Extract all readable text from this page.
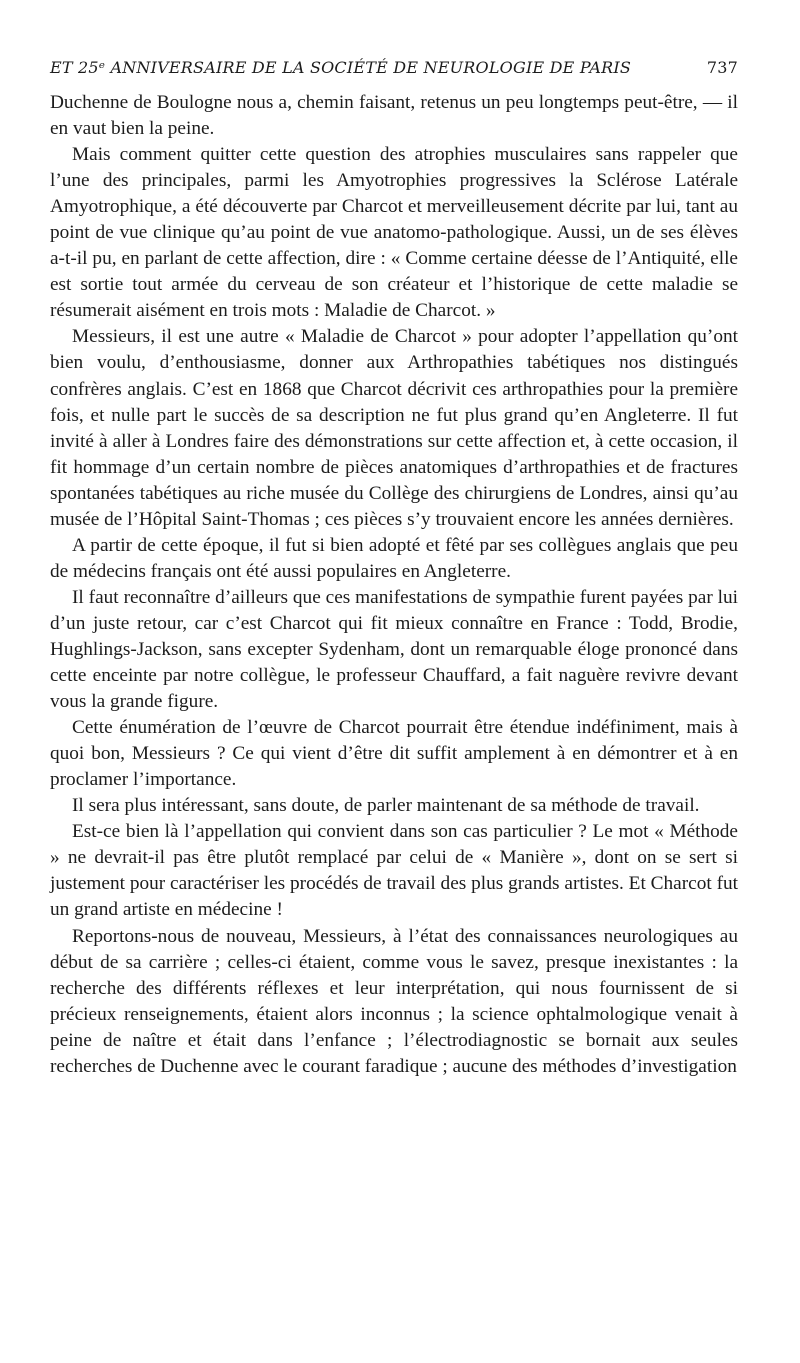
ET 25ᵉ ANNIVERSAIRE DE LA SOCIÉTÉ DE NEUROLOGIE DE PARIS	737

Duchenne de Boulogne nous a, chemin faisant, retenus un peu longtemps peut-être, — il en vaut bien la peine.

Mais comment quitter cette question des atrophies musculaires sans rappeler que l’une des principales, parmi les Amyotrophies progressives la Sclérose Latérale Amyotrophique, a été découverte par Charcot et merveilleusement décrite par lui, tant au point de vue clinique qu’au point de vue anatomo-pathologique. Aussi, un de ses élèves a-t-il pu, en parlant de cette affection, dire : « Comme certaine déesse de l’Antiquité, elle est sortie tout armée du cerveau de son créateur et l’historique de cette maladie se résumerait aisément en trois mots : Maladie de Charcot. »

Messieurs, il est une autre « Maladie de Charcot » pour adopter l’appellation qu’ont bien voulu, d’enthousiasme, donner aux Arthropathies tabétiques nos distingués confrères anglais. C’est en 1868 que Charcot décrivit ces arthropathies pour la première fois, et nulle part le succès de sa description ne fut plus grand qu’en Angleterre. Il fut invité à aller à Londres faire des démonstrations sur cette affection et, à cette occasion, il fit hommage d’un certain nombre de pièces anatomiques d’arthropathies et de fractures spontanées tabétiques au riche musée du Collège des chirurgiens de Londres, ainsi qu’au musée de l’Hôpital Saint-Thomas ; ces pièces s’y trouvaient encore les années dernières.

A partir de cette époque, il fut si bien adopté et fêté par ses collègues anglais que peu de médecins français ont été aussi populaires en Angleterre.

Il faut reconnaître d’ailleurs que ces manifestations de sympathie furent payées par lui d’un juste retour, car c’est Charcot qui fit mieux connaître en France : Todd, Brodie, Hughlings-Jackson, sans excepter Sydenham, dont un remarquable éloge prononcé dans cette enceinte par notre collègue, le professeur Chauffard, a fait naguère revivre devant vous la grande figure.

Cette énumération de l’œuvre de Charcot pourrait être étendue indéfiniment, mais à quoi bon, Messieurs ? Ce qui vient d’être dit suffit amplement à en démontrer et à en proclamer l’importance.

Il sera plus intéressant, sans doute, de parler maintenant de sa méthode de travail.

Est-ce bien là l’appellation qui convient dans son cas particulier ? Le mot « Méthode » ne devrait-il pas être plutôt remplacé par celui de « Manière », dont on se sert si justement pour caractériser les procédés de travail des plus grands artistes. Et Charcot fut un grand artiste en médecine !

Reportons-nous de nouveau, Messieurs, à l’état des connaissances neurologiques au début de sa carrière ; celles-ci étaient, comme vous le savez, presque inexistantes : la recherche des différents réflexes et leur interprétation, qui nous fournissent de si précieux renseignements, étaient alors inconnus ; la science ophtalmologique venait à peine de naître et était dans l’enfance ; l’électrodiagnostic se bornait aux seules recherches de Duchenne avec le courant faradique ; aucune des méthodes d’investigation
